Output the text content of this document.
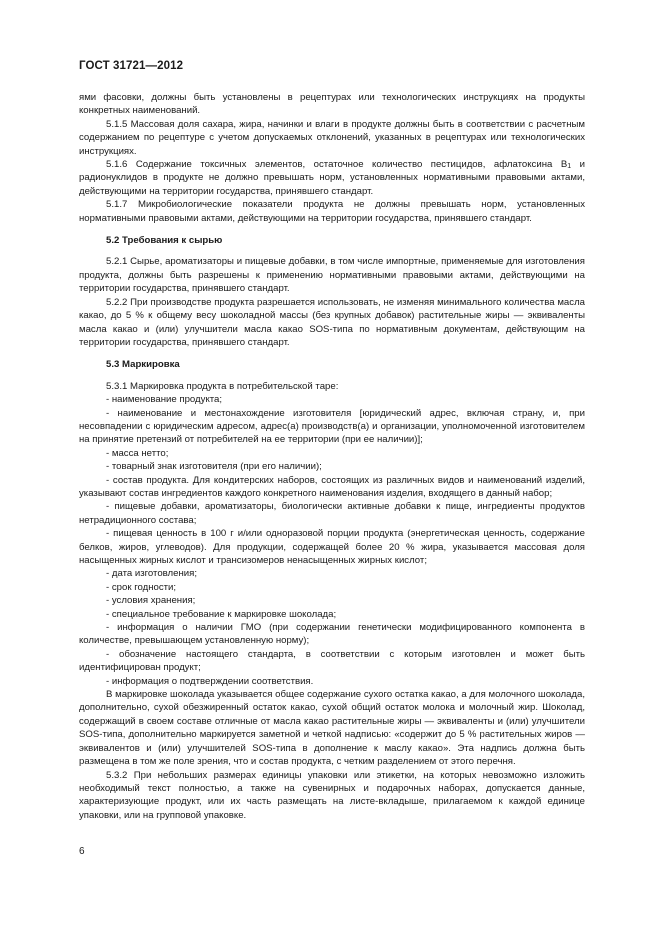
ГОСТ 31721—2012

ями фасовки, должны быть установлены в рецептурах или технологических инструкциях на продукты конкретных наименований.

5.1.5 Массовая доля сахара, жира, начинки и влаги в продукте должны быть в соответствии с расчетным содержанием по рецептуре с учетом допускаемых отклонений, указанных в рецептурах или технологических инструкциях.

5.1.6 Содержание токсичных элементов, остаточное количество пестицидов, афлатоксина $B_1$ и радионуклидов в продукте не должно превышать норм, установленных нормативными правовыми актами, действующими на территории государства, принявшего стандарт.

5.1.7 Микробиологические показатели продукта не должны превышать норм, установленных нормативными правовыми актами, действующими на территории государства, принявшего стандарт.

5.2 Требования к сырью

5.2.1 Сырье, ароматизаторы и пищевые добавки, в том числе импортные, применяемые для изготовления продукта, должны быть разрешены к применению нормативными правовыми актами, действующими на территории государства, принявшего стандарт.

5.2.2 При производстве продукта разрешается использовать, не изменяя минимального количества масла какао, до 5 % к общему весу шоколадной массы (без крупных добавок) растительные жиры — эквиваленты масла какао и (или) улучшители масла какао SOS-типа по нормативным документам, действующим на территории государства, принявшего стандарт.

5.3 Маркировка

5.3.1 Маркировка продукта в потребительской таре:

- наименование продукта;

- наименование и местонахождение изготовителя [юридический адрес, включая страну, и, при несовпадении с юридическим адресом, адрес(а) производств(а) и организации, уполномоченной изготовителем на принятие претензий от потребителей на ее территории (при ее наличии)];

- масса нетто;

- товарный знак изготовителя (при его наличии);

- состав продукта. Для кондитерских наборов, состоящих из различных видов и наименований изделий, указывают состав ингредиентов каждого конкретного наименования изделия, входящего в данный набор;

- пищевые добавки, ароматизаторы, биологически активные добавки к пище, ингредиенты продуктов нетрадиционного состава;

- пищевая ценность в 100 г и/или одноразовой порции продукта (энергетическая ценность, содержание белков, жиров, углеводов). Для продукции, содержащей более 20 % жира, указывается массовая доля насыщенных жирных кислот и трансизомеров ненасыщенных жирных кислот;

- дата изготовления;

- срок годности;

- условия хранения;

- специальное требование к маркировке шоколада;

- информация о наличии ГМО (при содержании генетически модифицированного компонента в количестве, превышающем установленную норму);

- обозначение настоящего стандарта, в соответствии с которым изготовлен и может быть идентифицирован продукт;

- информация о подтверждении соответствия.

В маркировке шоколада указывается общее содержание сухого остатка какао, а для молочного шоколада, дополнительно, сухой обезжиренный остаток какао, сухой общий остаток молока и молочный жир. Шоколад, содержащий в своем составе отличные от масла какао растительные жиры — эквиваленты и (или) улучшители SOS-типа, дополнительно маркируется заметной и четкой надписью: «содержит до 5 % растительных жиров — эквивалентов и (или) улучшителей SOS-типа в дополнение к маслу какао». Эта надпись должна быть размещена в том же поле зрения, что и состав продукта, с четким разделением от этого перечня.

5.3.2 При небольших размерах единицы упаковки или этикетки, на которых невозможно изложить необходимый текст полностью, а также на сувенирных и подарочных наборах, допускается данные, характеризующие продукт, или их часть размещать на листе-вкладыше, прилагаемом к каждой единице упаковки, или на групповой упаковке.

6
